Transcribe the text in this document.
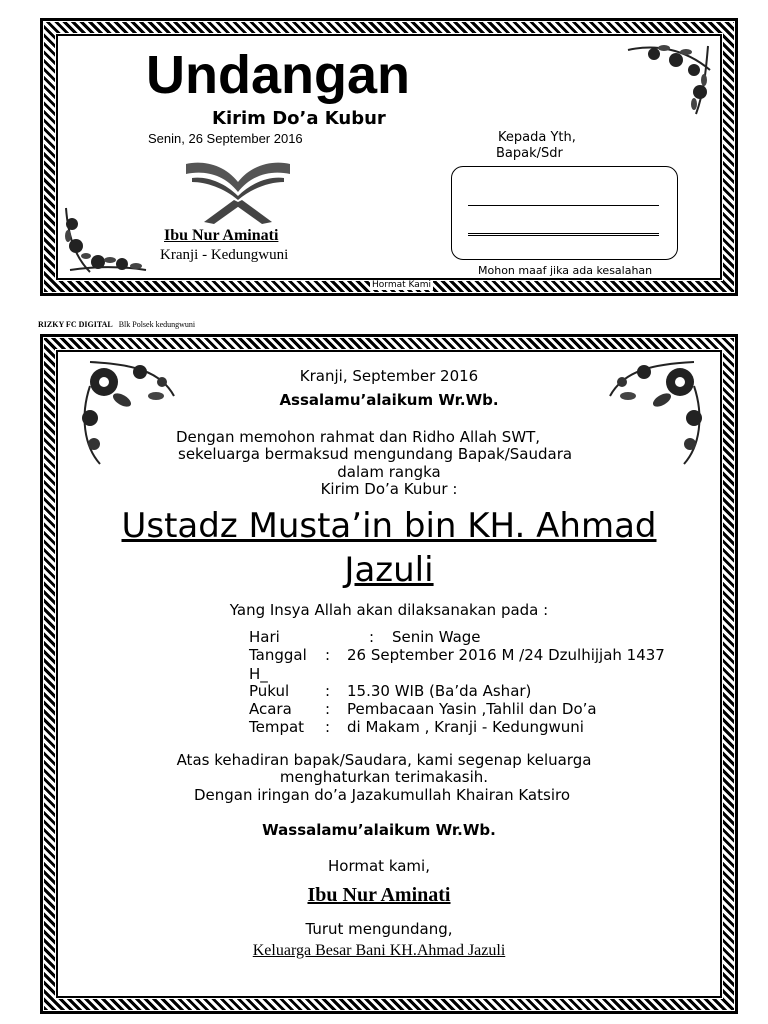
Undangan
Kirim Do’a Kubur
Senin, 26 September 2016
Ibu Nur Aminati
Kranji - Kedungwuni
Kepada Yth,
Bapak/Sdr
Mohon maaf jika ada kesalahan
Hormat Kami
RIZKY FC DIGITAL Blk Polsek kedungwuni
Kranji, September 2016
Assalamu’alaikum Wr.Wb.
Dengan memohon rahmat dan Ridho Allah SWT,
sekeluarga bermaksud mengundang Bapak/Saudara
dalam rangka
Kirim Do’a Kubur :
Ustadz Musta’in bin KH. Ahmad
Jazuli
Yang Insya Allah akan dilaksanakan pada :
Hari	: Senin Wage
Tanggal : 26 September 2016 M /24 Dzulhijjah 1437
H_
Pukul : 15.30 WIB (Ba’da Ashar)
Acara : Pembacaan Yasin ,Tahlil dan Do’a
Tempat : di Makam , Kranji - Kedungwuni
Atas kehadiran bapak/Saudara, kami segenap keluarga
menghaturkan terimakasih.
Dengan iringan do’a Jazakumullah Khairan Katsiro
Wassalamu’alaikum Wr.Wb.
Hormat kami,
Ibu Nur Aminati
Turut mengundang,
Keluarga Besar Bani KH.Ahmad Jazuli
